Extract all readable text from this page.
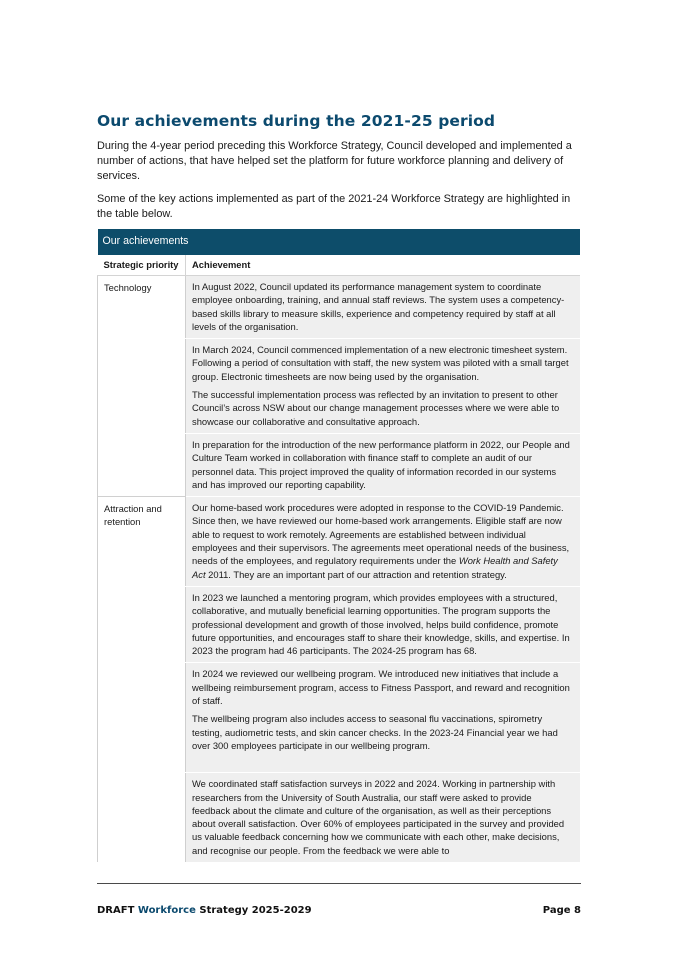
Our achievements during the 2021-25 period
During the 4-year period preceding this Workforce Strategy, Council developed and implemented a number of actions, that have helped set the platform for future workforce planning and delivery of services.
Some of the key actions implemented as part of the 2021-24 Workforce Strategy are highlighted in the table below.
Our achievements	
Strategic priority	Achievement
Technology	In August 2022, Council updated its performance management system to coordinate employee onboarding, training, and annual staff reviews. The system uses a competency-based skills library to measure skills, experience and competency required by staff at all levels of the organisation.

	In March 2024, Council commenced implementation of a new electronic timesheet system. Following a period of consultation with staff, the new system was piloted with a small target group. Electronic timesheets are now being used by the organisation.

The successful implementation process was reflected by an invitation to present to other Council’s across NSW about our change management processes where we were able to showcase our collaborative and consultative approach.

	In preparation for the introduction of the new performance platform in 2022, our People and Culture Team worked in collaboration with finance staff to complete an audit of our personnel data. This project improved the quality of information recorded in our systems and has improved our reporting capability.

Attraction and retention	Our home-based work procedures were adopted in response to the COVID-19 Pandemic. Since then, we have reviewed our home-based work arrangements. Eligible staff are now able to request to work remotely. Agreements are established between individual employees and their supervisors. The agreements meet operational needs of the business, needs of the employees, and regulatory requirements under the Work Health and Safety Act 2011. They are an important part of our attraction and retention strategy.

	In 2023 we launched a mentoring program, which provides employees with a structured, collaborative, and mutually beneficial learning opportunities. The program supports the professional development and growth of those involved, helps build confidence, promote future opportunities, and encourages staff to share their knowledge, skills, and expertise. In 2023 the program had 46 participants. The 2024-25 program has 68.

	In 2024 we reviewed our wellbeing program. We introduced new initiatives that include a wellbeing reimbursement program, access to Fitness Passport, and reward and recognition of staff.

The wellbeing program also includes access to seasonal flu vaccinations, spirometry testing, audiometric tests, and skin cancer checks. In the 2023-24 Financial year we had over 300 employees participate in our wellbeing program.

	We coordinated staff satisfaction surveys in 2022 and 2024. Working in partnership with researchers from the University of South Australia, our staff were asked to provide feedback about the climate and culture of the organisation, as well as their perceptions about overall satisfaction. Over 60% of employees participated in the survey and provided us valuable feedback concerning how we communicate with each other, make decisions, and recognise our people. From the feedback we were able to

DRAFT Workforce Strategy 2025-2029	Page 8
